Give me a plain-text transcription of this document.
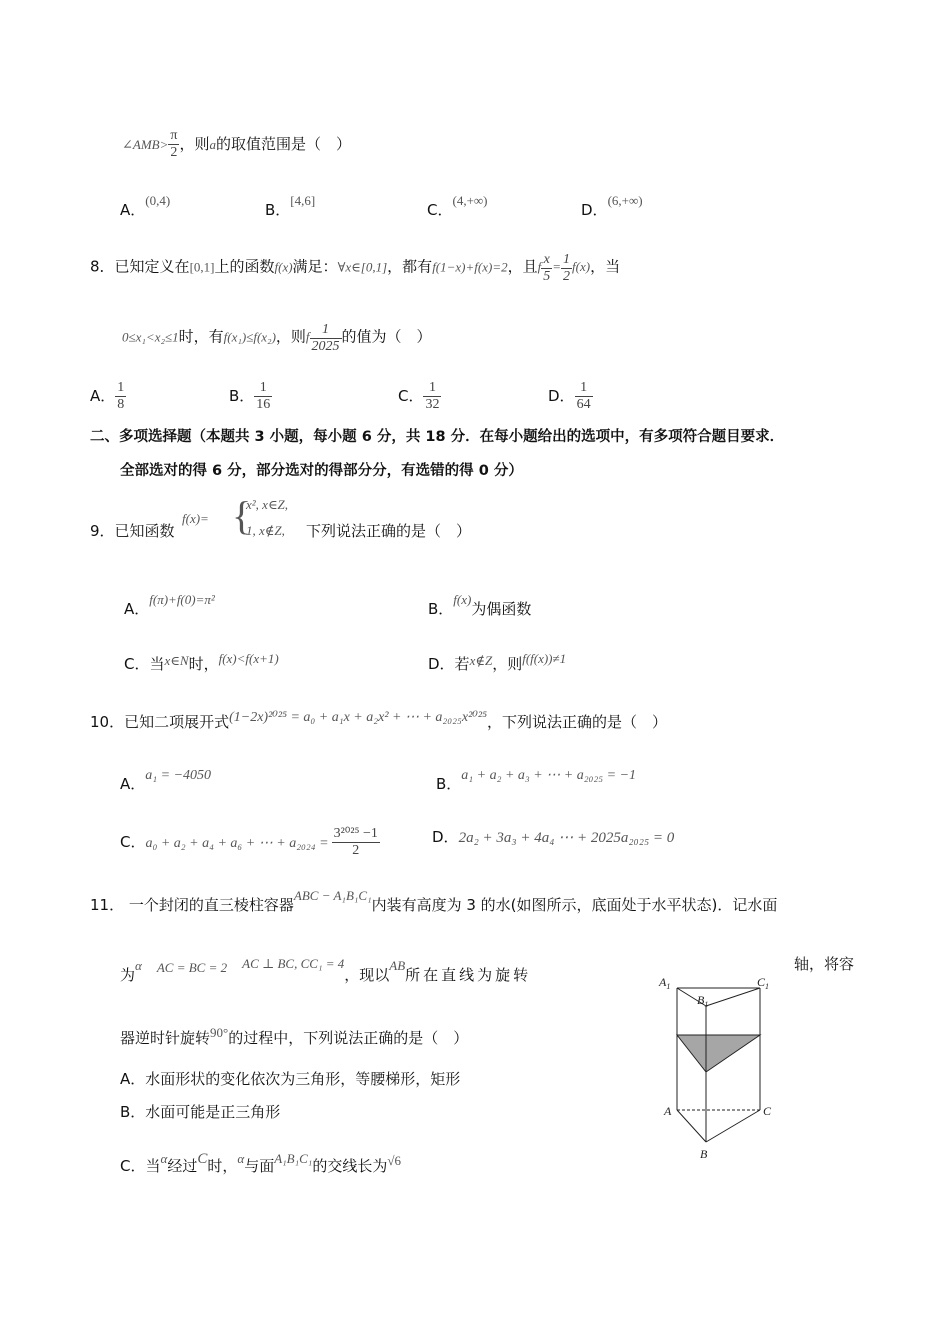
∠AMB> $\frac{\pi}{2}$ ，则a的取值范围是（　）
A．(0,4)
B．[4,6]
C．(4,+∞)
D．(6,+∞)
8．已知定义在[0,1]上的函数f(x)满足：∀x∈[0,1]，都有f(1−x)+f(x)=2，且f $\frac{x}{5} = \frac{1}{2} f(x)$，当
0≤x₁<x₂≤1时，有f(x₁)≤f(x₂)，则f $\frac{1}{2025}$ 的值为（　）
A． $\frac{1}{8}$	B． $\frac{1}{16}$	C． $\frac{1}{32}$	D． $\frac{1}{64}$
二、多项选择题（本题共 3 小题，每小题 6 分，共 18 分．在每小题给出的选项中，有多项符合题目要求．
全部选对的得 6 分，部分选对的得部分分，有选错的得 0 分）
9．已知函数
f(x)= {
x², x∈Z,
1, x∉Z, 下列说法正确的是（　）
A．f(π)+f(0)=π²
B．f(x)为偶函数
C．当x∈N时，f(x)<f(x+1)	D．若x∉Z，则f(f(x))≠1
10．已知二项展开式(1−2x)²⁰²⁵ = a₀ + a₁x + a₂x² + ⋯ + a₂₀₂₅x²⁰²⁵，下列说法正确的是（　）
A．a₁ = −4050	B．a₁ + a₂ + a₃ + ⋯ + a₂₀₂₅ = −1
C．a₀ + a₂ + a₄ + a₆ + ⋯ + $a_{2024} = \frac{\text{3²⁰²⁵ −1}}{2}$	D．2a₂ + 3a₃ + 4a₄ ⋯ + 2025a₂₀₂₅ = 0
11． 一个封闭的直三棱柱容器ABC − A₁B₁C₁内装有高度为 3 的水(如图所示，底面处于水平状态)．记水面
为α　 AC = BC = 2　 AC ⊥ BC, CC₁ = 4，现以AB所在直线为旋转
轴，将容
器逆时针旋转90°的过程中，下列说法正确的是（　）
A．水面形状的变化依次为三角形，等腰梯形，矩形
B．水面可能是正三角形
C．当α经过C时，α与面A₁B₁C₁的交线长为√6
$A_1$
$B_1$
$C_1$
A	C
B
